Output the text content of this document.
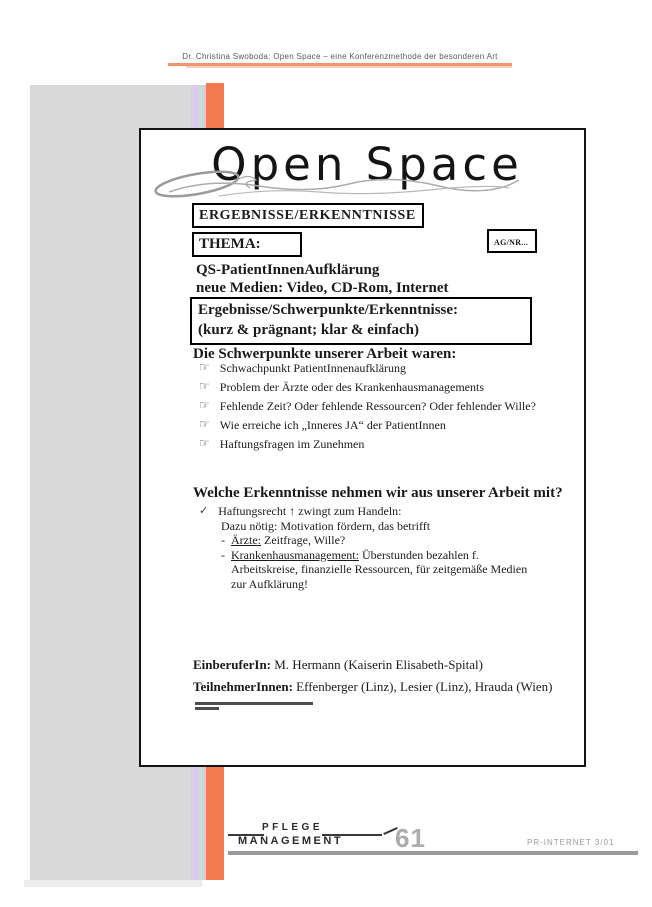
Dr. Christina Swoboda: Open Space – eine Konferenzmethode der besonderen Art
Open Space
ERGEBNISSE/ERKENNTNISSE
THEMA:	AG/NR...
QS-PatientInnenAufklärung
neue Medien: Video, CD-Rom, Internet
Ergebnisse/Schwerpunkte/Erkenntnisse:
(kurz & prägnant; klar & einfach)
Die Schwerpunkte unserer Arbeit waren:
☞ Schwachpunkt PatientInnenaufklärung
☞ Problem der Ärzte oder des Krankenhausmanagements
☞ Fehlende Zeit? Oder fehlende Ressourcen? Oder fehlender Wille?
☞ Wie erreiche ich „Inneres JA“ der PatientInnen
☞ Haftungsfragen im Zunehmen
Welche Erkenntnisse nehmen wir aus unserer Arbeit mit?
✓ Haftungsrecht ↑ zwingt zum Handeln:
Dazu nötig: Motivation fördern, das betrifft
- Ärzte: Zeitfrage, Wille?
- Krankenhausmanagement: Überstunden bezahlen f. Arbeitskreise, finanzielle Ressourcen, für zeitgemäße Medien zur Aufklärung!
EinberuferIn: M. Hermann (Kaiserin Elisabeth-Spital)
TeilnehmerInnen: Effenberger (Linz), Lesier (Linz), Hrauda (Wien)
PFLEGE
MANAGEMENT 61	PR-INTERNET 3/01
